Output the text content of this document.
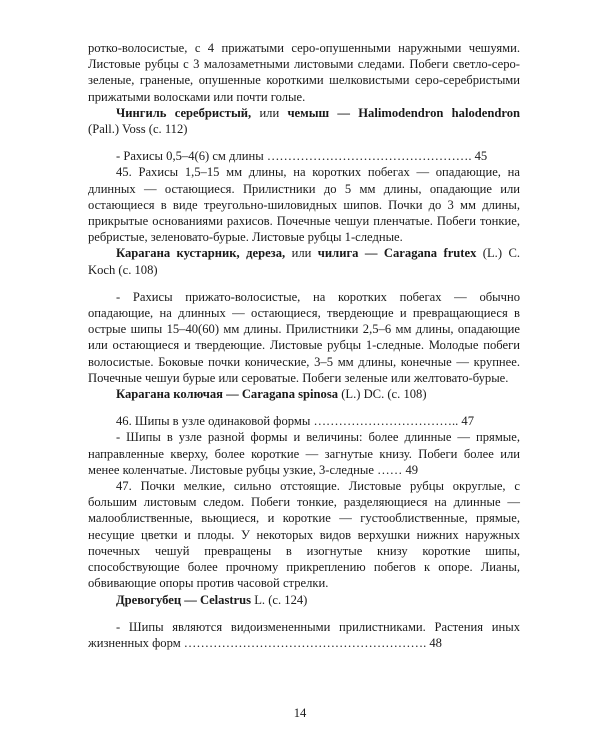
ротко-волосистые, с 4 прижатыми серо-опушенными наружными чешуями. Листовые рубцы с 3 малозаметными листовыми следами. Побеги светло-серо-зеленые, граненые, опушенные короткими шелковистыми серо-серебристыми прижатыми волосками или почти голые.

Чингиль серебристый, или чемыш — Halimodendron halodendron (Pall.) Voss (с. 112)

- Рахисы 0,5–4(6) см длины …………………………………………. 45

45. Рахисы 1,5–15 мм длины, на коротких побегах — опадающие, на длинных — остающиеся. Прилистники до 5 мм длины, опадающие или остающиеся в виде треугольно-шиловидных шипов. Почки до 3 мм длины, прикрытые основаниями рахисов. Почечные чешуи пленчатые. Побеги тонкие, ребристые, зеленовато-бурые. Листовые рубцы 1-следные.

Карагана кустарник, дереза, или чилига — Caragana frutex (L.) C. Koch (с. 108)

- Рахисы прижато-волосистые, на коротких побегах — обычно опадающие, на длинных — остающиеся, твердеющие и превращающиеся в острые шипы 15–40(60) мм длины. Прилистники 2,5–6 мм длины, опадающие или остающиеся и твердеющие. Листовые рубцы 1-следные. Молодые побеги волосистые. Боковые почки конические, 3–5 мм длины, конечные — крупнее. Почечные чешуи бурые или сероватые. Побеги зеленые или желтовато-бурые.

Карагана колючая — Caragana spinosa (L.) DC. (с. 108)

46. Шипы в узле одинаковой формы …………………………….. 47

- Шипы в узле разной формы и величины: более длинные — прямые, направленные кверху, более короткие — загнутые книзу. Побеги более или менее коленчатые. Листовые рубцы узкие, 3-следные …… 49

47. Почки мелкие, сильно отстоящие. Листовые рубцы округлые, с большим листовым следом. Побеги тонкие, разделяющиеся на длинные — малооблиственные, вьющиеся, и короткие — густооблиственные, прямые, несущие цветки и плоды. У некоторых видов верхушки нижних наружных почечных чешуй превращены в изогнутые книзу короткие шипы, способствующие более прочному прикреплению побегов к опоре. Лианы, обвивающие опоры против часовой стрелки.

Древогубец — Celastrus L. (с. 124)

- Шипы являются видоизмененными прилистниками. Растения иных жизненных форм …………………………………………………. 48

14
